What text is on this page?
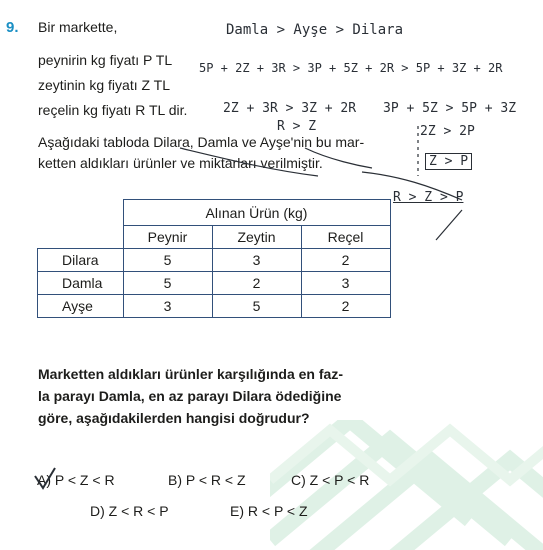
9. Bir markette,
peynirin kg fiyatı P TL
zeytinin kg fiyatı Z TL
reçelin kg fiyatı R TL dir.
Aşağıdaki tabloda Dilara, Damla ve Ayşe'nin bu mar-
ketten aldıkları ürünler ve miktarları verilmiştir.
Damla > Ayşe > Dilara
5P + 2Z + 3R > 3P + 5Z + 2R > 5P + 3Z + 2R
2Z + 3R > 3Z + 2R 3P + 5Z > 5P + 3Z
R > Z	2Z > 2P
Z > P
R > Z > P
	Alınan Ürün (kg)		
	Peynir	Zeytin	Reçel
Dilara	5	3	2
Damla	5	2	3
Ayşe	3	5	2
Marketten aldıkları ürünler karşılığında en faz-
la parayı Damla, en az parayı Dilara ödediğine
göre, aşağıdakilerden hangisi doğrudur?
A) P < Z < R	B) P < R < Z	C) Z < P < R
D) Z < R < P	E) R < P < Z
